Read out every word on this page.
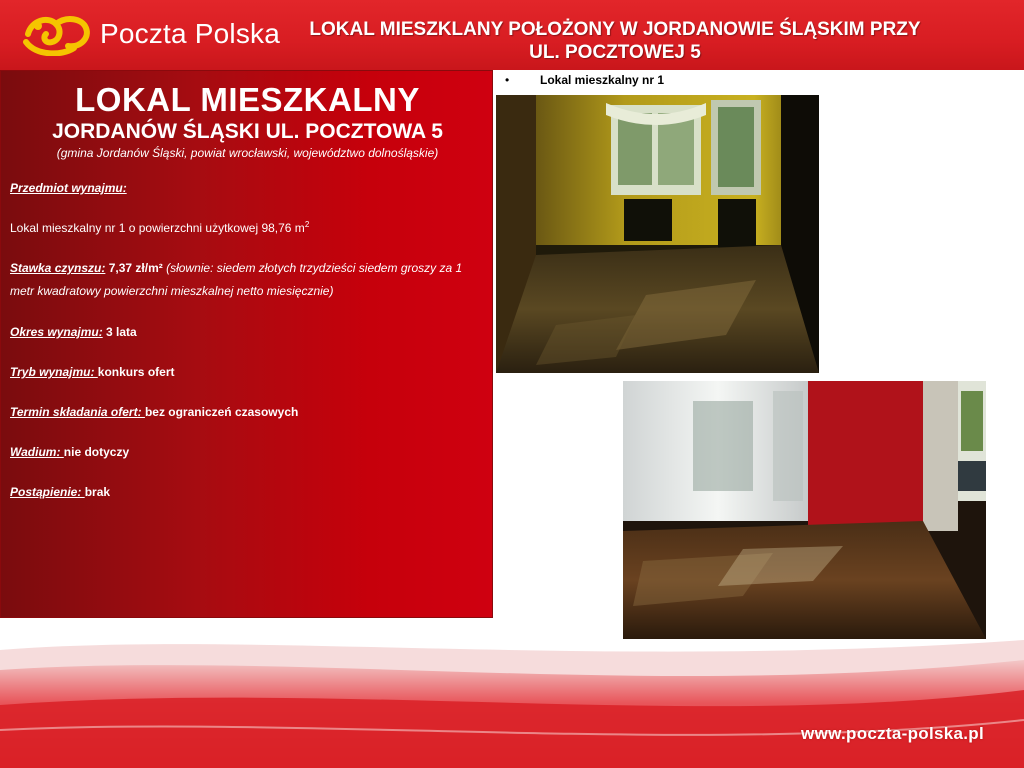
Poczta Polska	LOKAL MIESZKLANY POŁOŻONY W JORDANOWIE ŚLĄSKIM PRZY
UL. POCZTOWEJ 5
LOKAL MIESZKALNY
JORDANÓW ŚLĄSKI UL. POCZTOWA 5
(gmina Jordanów Śląski, powiat wrocławski, województwo dolnośląskie)
Przedmiot wynajmu:
Lokal mieszkalny nr 1 o powierzchni użytkowej 98,76 $m^2$
Stawka czynszu: 7,37 zł/m² (słownie: siedem złotych trzydzieści siedem groszy za 1 metr kwadratowy powierzchni mieszkalnej netto miesięcznie)
Okres wynajmu: 3 lata
Tryb wynajmu: konkurs ofert
Termin składania ofert: bez ograniczeń czasowych
Wadium: nie dotyczy
Postąpienie: brak
•	Lokal mieszkalny nr 1
www.poczta-polska.pl
